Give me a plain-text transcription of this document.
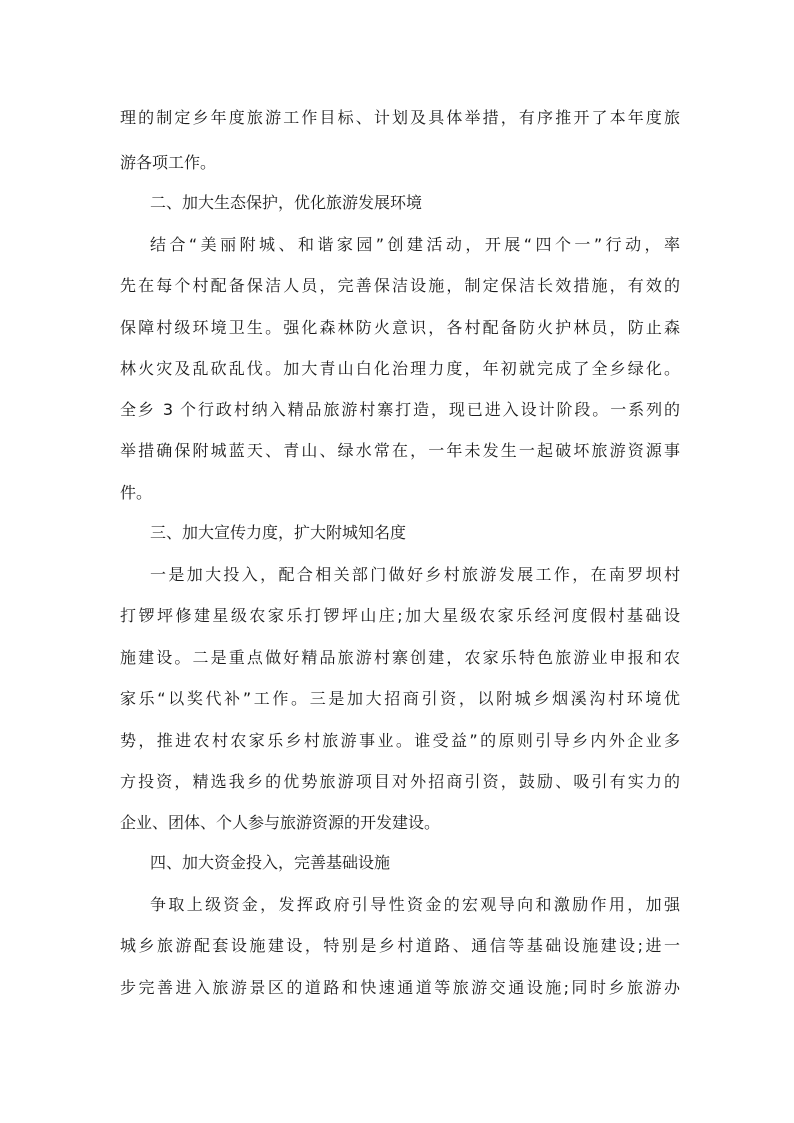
理的制定乡年度旅游工作目标、计划及具体举措，有序推开了本年度旅
游各项工作。
二、加大生态保护，优化旅游发展环境
结合“美丽附城、和谐家园”创建活动，开展“四个一”行动，率
先在每个村配备保洁人员，完善保洁设施，制定保洁长效措施，有效的
保障村级环境卫生。强化森林防火意识，各村配备防火护林员，防止森
林火灾及乱砍乱伐。加大青山白化治理力度，年初就完成了全乡绿化。
全乡 3 个行政村纳入精品旅游村寨打造，现已进入设计阶段。一系列的
举措确保附城蓝天、青山、绿水常在，一年未发生一起破坏旅游资源事
件。
三、加大宣传力度，扩大附城知名度
一是加大投入，配合相关部门做好乡村旅游发展工作，在南罗坝村
打锣坪修建星级农家乐打锣坪山庄;加大星级农家乐经河度假村基础设
施建设。二是重点做好精品旅游村寨创建，农家乐特色旅游业申报和农
家乐“以奖代补”工作。三是加大招商引资，以附城乡烟溪沟村环境优
势，推进农村农家乐乡村旅游事业。谁受益”的原则引导乡内外企业多
方投资，精选我乡的优势旅游项目对外招商引资，鼓励、吸引有实力的
企业、团体、个人参与旅游资源的开发建设。
四、加大资金投入，完善基础设施
争取上级资金，发挥政府引导性资金的宏观导向和激励作用，加强
城乡旅游配套设施建设，特别是乡村道路、通信等基础设施建设;进一
步完善进入旅游景区的道路和快速通道等旅游交通设施;同时乡旅游办
